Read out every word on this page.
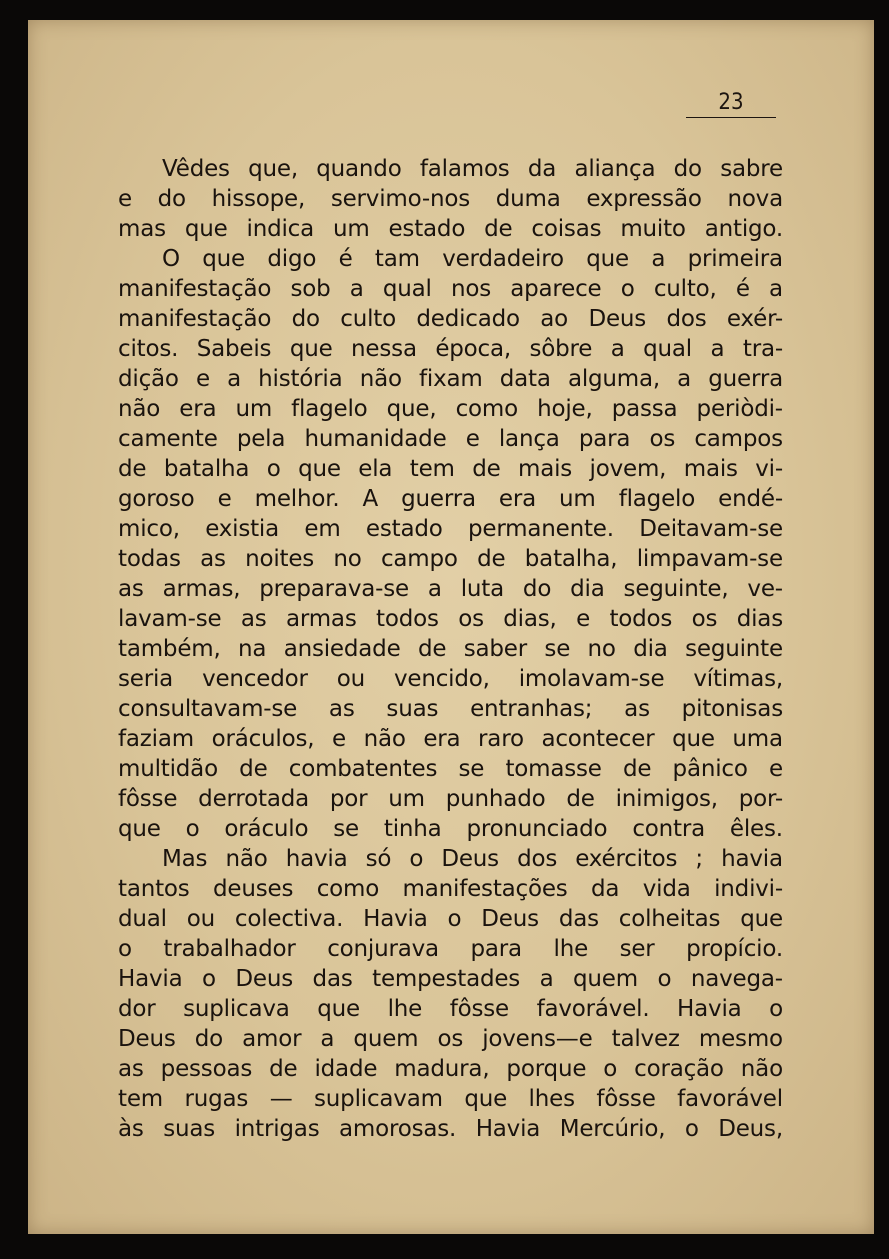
23
Vêdes que, quando falamos da aliança do sabre
e do hissope, servimo-nos duma expressão nova
mas que indica um estado de coisas muito antigo.
O que digo é tam verdadeiro que a primeira
manifestação sob a qual nos aparece o culto, é a
manifestação do culto dedicado ao Deus dos exér-
citos. Sabeis que nessa época, sôbre a qual a tra-
dição e a história não fixam data alguma, a guerra
não era um flagelo que, como hoje, passa periòdi-
camente pela humanidade e lança para os campos
de batalha o que ela tem de mais jovem, mais vi-
goroso e melhor. A guerra era um flagelo endé-
mico, existia em estado permanente. Deitavam-se
todas as noites no campo de batalha, limpavam-se
as armas, preparava-se a luta do dia seguinte, ve-
lavam-se as armas todos os dias, e todos os dias
também, na ansiedade de saber se no dia seguinte
seria vencedor ou vencido, imolavam-se vítimas,
consultavam-se as suas entranhas; as pitonisas
faziam oráculos, e não era raro acontecer que uma
multidão de combatentes se tomasse de pânico e
fôsse derrotada por um punhado de inimigos, por-
que o oráculo se tinha pronunciado contra êles.
Mas não havia só o Deus dos exércitos ; havia
tantos deuses como manifestações da vida indivi-
dual ou colectiva. Havia o Deus das colheitas que
o trabalhador conjurava para lhe ser propício.
Havia o Deus das tempestades a quem o navega-
dor suplicava que lhe fôsse favorável. Havia o
Deus do amor a quem os jovens—e talvez mesmo
as pessoas de idade madura, porque o coração não
tem rugas — suplicavam que lhes fôsse favorável
às suas intrigas amorosas. Havia Mercúrio, o Deus,
